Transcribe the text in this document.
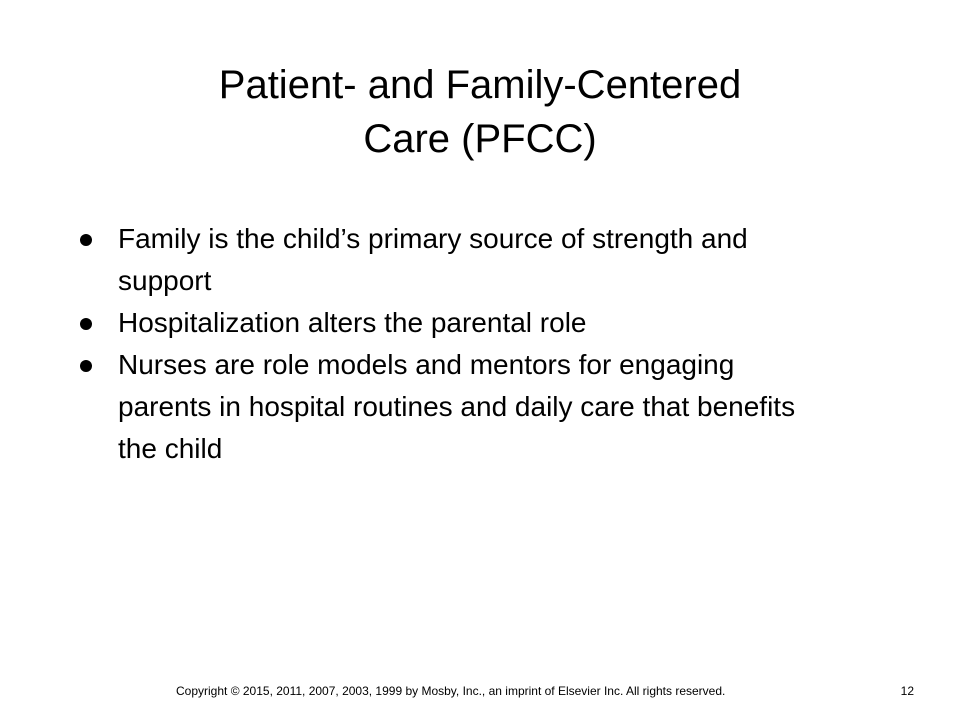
Patient- and Family-Centered
Care (PFCC)
Family is the child’s primary source of strength and support
Hospitalization alters the parental role
Nurses are role models and mentors for engaging parents in hospital routines and daily care that benefits the child
Copyright © 2015, 2011, 2007, 2003, 1999 by Mosby, Inc., an imprint of Elsevier Inc. All rights reserved.	12
